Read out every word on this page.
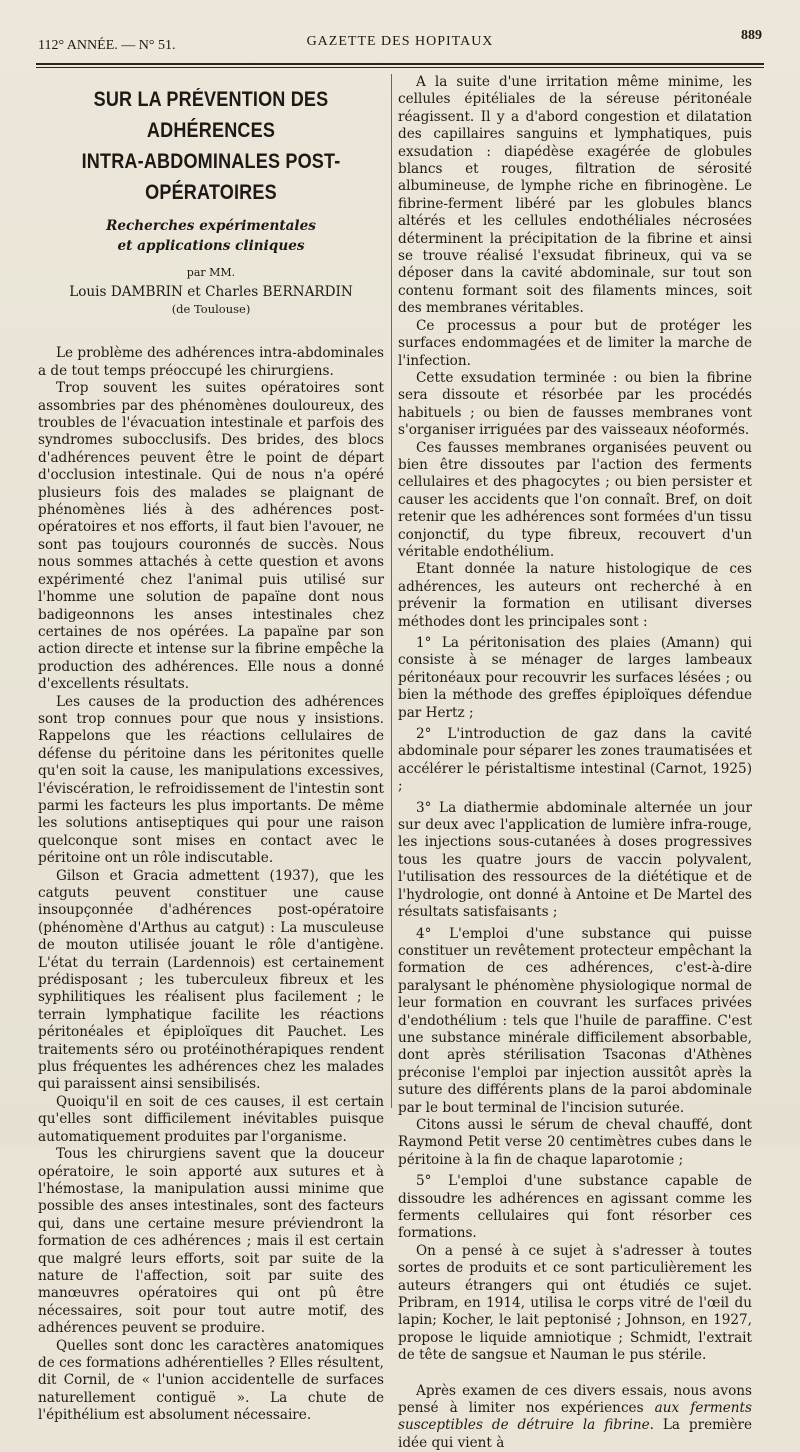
112° ANNÉE. — N° 51.	GAZETTE DES HOPITAUX	889
SUR LA PRÉVENTION DES ADHÉRENCES
INTRA-ABDOMINALES POST-OPÉRATOIRES
Recherches expérimentales
et applications cliniques
par MM.
Louis DAMBRIN et Charles BERNARDIN
(de Toulouse)

Le problème des adhérences intra-abdominales a de tout temps préoccupé les chirurgiens.

Trop souvent les suites opératoires sont assombries par des phénomènes douloureux, des troubles de l'évacuation intestinale et parfois des syndromes subocclusifs. Des brides, des blocs d'adhérences peuvent être le point de départ d'occlusion intestinale. Qui de nous n'a opéré plusieurs fois des malades se plaignant de phénomènes liés à des adhérences post-opératoires et nos efforts, il faut bien l'avouer, ne sont pas toujours couronnés de succès. Nous nous sommes attachés à cette question et avons expérimenté chez l'animal puis utilisé sur l'homme une solution de papaïne dont nous badigeonnons les anses intestinales chez certaines de nos opérées. La papaïne par son action directe et intense sur la fibrine empêche la production des adhérences. Elle nous a donné d'excellents résultats.

Les causes de la production des adhérences sont trop connues pour que nous y insistions. Rappelons que les réactions cellulaires de défense du péritoine dans les péritonites quelle qu'en soit la cause, les manipulations excessives, l'éviscération, le refroidissement de l'intestin sont parmi les facteurs les plus importants. De même les solutions antiseptiques qui pour une raison quelconque sont mises en contact avec le péritoine ont un rôle indiscutable.

Gilson et Gracia admettent (1937), que les catguts peuvent constituer une cause insoupçonnée d'adhérences post-opératoire (phénomène d'Arthus au catgut) : La musculeuse de mouton utilisée jouant le rôle d'antigène. L'état du terrain (Lardennois) est certainement prédisposant ; les tuberculeux fibreux et les syphilitiques les réalisent plus facilement ; le terrain lymphatique facilite les réactions péritonéales et épiploïques dit Pauchet. Les traitements séro ou protéinothérapiques rendent plus fréquentes les adhérences chez les malades qui paraissent ainsi sensibilisés.

Quoiqu'il en soit de ces causes, il est certain qu'elles sont difficilement inévitables puisque automatiquement produites par l'organisme.

Tous les chirurgiens savent que la douceur opératoire, le soin apporté aux sutures et à l'hémostase, la manipulation aussi minime que possible des anses intestinales, sont des facteurs qui, dans une certaine mesure préviendront la formation de ces adhérences ; mais il est certain que malgré leurs efforts, soit par suite de la nature de l'affection, soit par suite des manœuvres opératoires qui ont pû être nécessaires, soit pour tout autre motif, des adhérences peuvent se produire.

Quelles sont donc les caractères anatomiques de ces formations adhérentielles ? Elles résultent, dit Cornil, de « l'union accidentelle de surfaces naturellement contiguë ». La chute de l'épithélium est absolument nécessaire.

A la suite d'une irritation même minime, les cellules épitéliales de la séreuse péritonéale réagissent. Il y a d'abord congestion et dilatation des capillaires sanguins et lymphatiques, puis exsudation : diapédèse exagérée de globules blancs et rouges, filtration de sérosité albumineuse, de lymphe riche en fibrinogène. Le fibrine-ferment libéré par les globules blancs altérés et les cellules endothéliales nécrosées déterminent la précipitation de la fibrine et ainsi se trouve réalisé l'exsudat fibrineux, qui va se déposer dans la cavité abdominale, sur tout son contenu formant soit des filaments minces, soit des membranes véritables.

Ce processus a pour but de protéger les surfaces endommagées et de limiter la marche de l'infection.

Cette exsudation terminée : ou bien la fibrine sera dissoute et résorbée par les procédés habituels ; ou bien de fausses membranes vont s'organiser irriguées par des vaisseaux néoformés.

Ces fausses membranes organisées peuvent ou bien être dissoutes par l'action des ferments cellulaires et des phagocytes ; ou bien persister et causer les accidents que l'on connaît. Bref, on doit retenir que les adhérences sont formées d'un tissu conjonctif, du type fibreux, recouvert d'un véritable endothélium.

Etant donnée la nature histologique de ces adhérences, les auteurs ont recherché à en prévenir la formation en utilisant diverses méthodes dont les principales sont :

1° La péritonisation des plaies (Amann) qui consiste à se ménager de larges lambeaux péritonéaux pour recouvrir les surfaces lésées ; ou bien la méthode des greffes épiploïques défendue par Hertz ;

2° L'introduction de gaz dans la cavité abdominale pour séparer les zones traumatisées et accélérer le péristaltisme intestinal (Carnot, 1925) ;

3° La diathermie abdominale alternée un jour sur deux avec l'application de lumière infra-rouge, les injections sous-cutanées à doses progressives tous les quatre jours de vaccin polyvalent, l'utilisation des ressources de la diététique et de l'hydrologie, ont donné à Antoine et De Martel des résultats satisfaisants ;

4° L'emploi d'une substance qui puisse constituer un revêtement protecteur empêchant la formation de ces adhérences, c'est-à-dire paralysant le phénomène physiologique normal de leur formation en couvrant les surfaces privées d'endothélium : tels que l'huile de paraffine. C'est une substance minérale difficilement absorbable, dont après stérilisation Tsaconas d'Athènes préconise l'emploi par injection aussitôt après la suture des différents plans de la paroi abdominale par le bout terminal de l'incision suturée.

Citons aussi le sérum de cheval chauffé, dont Raymond Petit verse 20 centimètres cubes dans le péritoine à la fin de chaque laparotomie ;

5° L'emploi d'une substance capable de dissoudre les adhérences en agissant comme les ferments cellulaires qui font résorber ces formations.

On a pensé à ce sujet à s'adresser à toutes sortes de produits et ce sont particulièrement les auteurs étrangers qui ont étudiés ce sujet. Pribram, en 1914, utilisa le corps vitré de l'œil du lapin; Kocher, le lait peptonisé ; Johnson, en 1927, propose le liquide amniotique ; Schmidt, l'extrait de tête de sangsue et Nauman le pus stérile.

Après examen de ces divers essais, nous avons pensé à limiter nos expériences aux ferments susceptibles de détruire la fibrine. La première idée qui vient à
